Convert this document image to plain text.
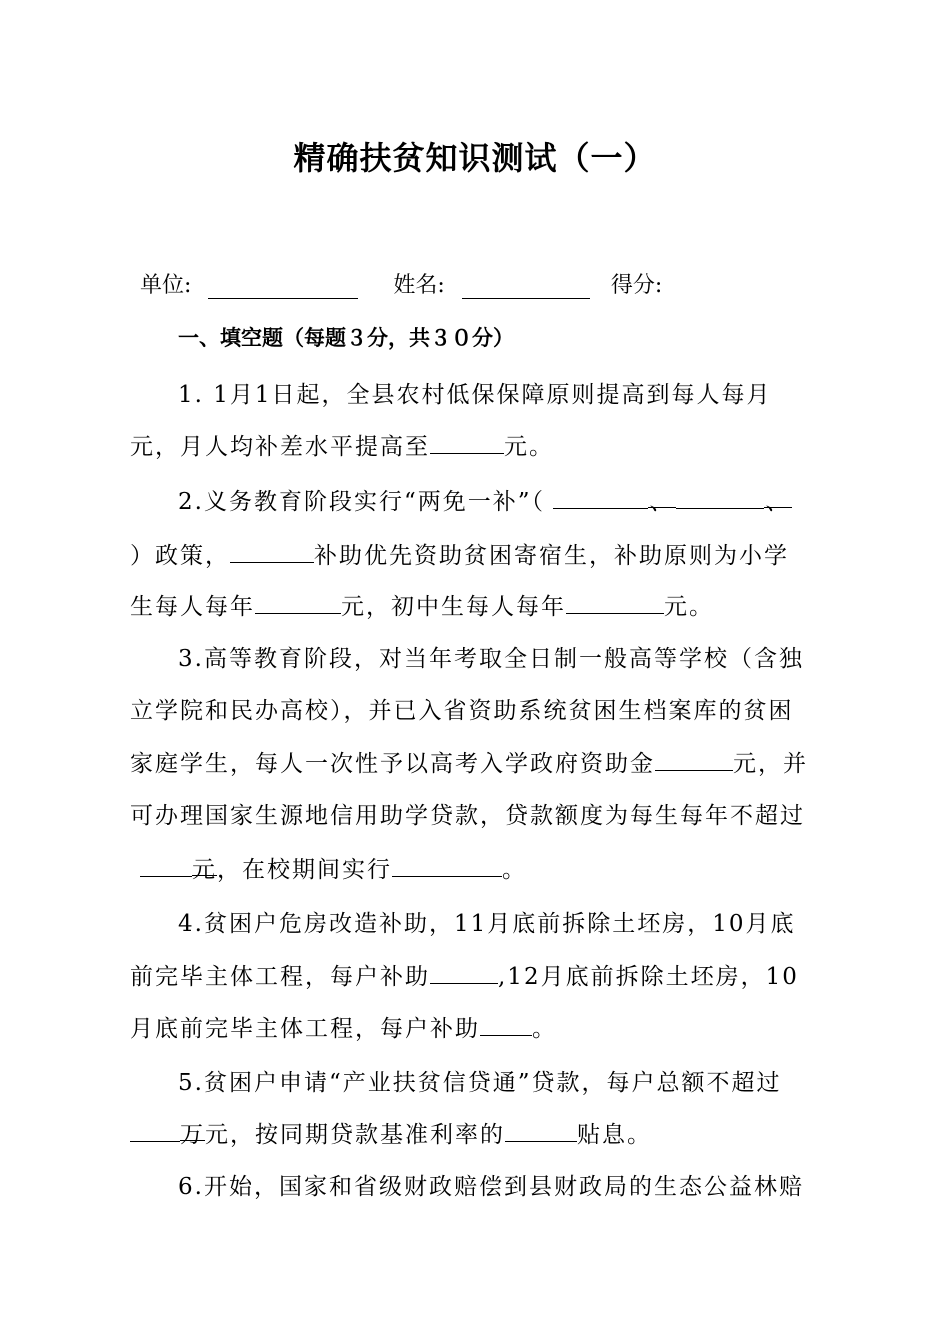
精确扶贫知识测试（一）
单位:	姓名:	得分:
一、填空题（每题３分，共３０分）
1. 1月1日起，全县农村低保保障原则提高到每人每月
元，月人均补差水平提高至	元。
2.义务教育阶段实行“两免一补”（	、	、
）政策，	补助优先资助贫困寄宿生，补助原则为小学
生每人每年	元，初中生每人每年	元。
3.高等教育阶段，对当年考取全日制一般高等学校（含独
立学院和民办高校），并已入省资助系统贫困生档案库的贫困
家庭学生，每人一次性予以高考入学政府资助金	元，并
可办理国家生源地信用助学贷款，贷款额度为每生每年不超过
元，在校期间实行	。
4.贫困户危房改造补助，11月底前拆除土坯房，10月底
前完毕主体工程，每户补助	,12月底前拆除土坯房，10
月底前完毕主体工程，每户补助 。
5.贫困户申请“产业扶贫信贷通”贷款，每户总额不超过
万元，按同期贷款基准利率的	贴息。
6.开始，国家和省级财政赔偿到县财政局的生态公益林赔
